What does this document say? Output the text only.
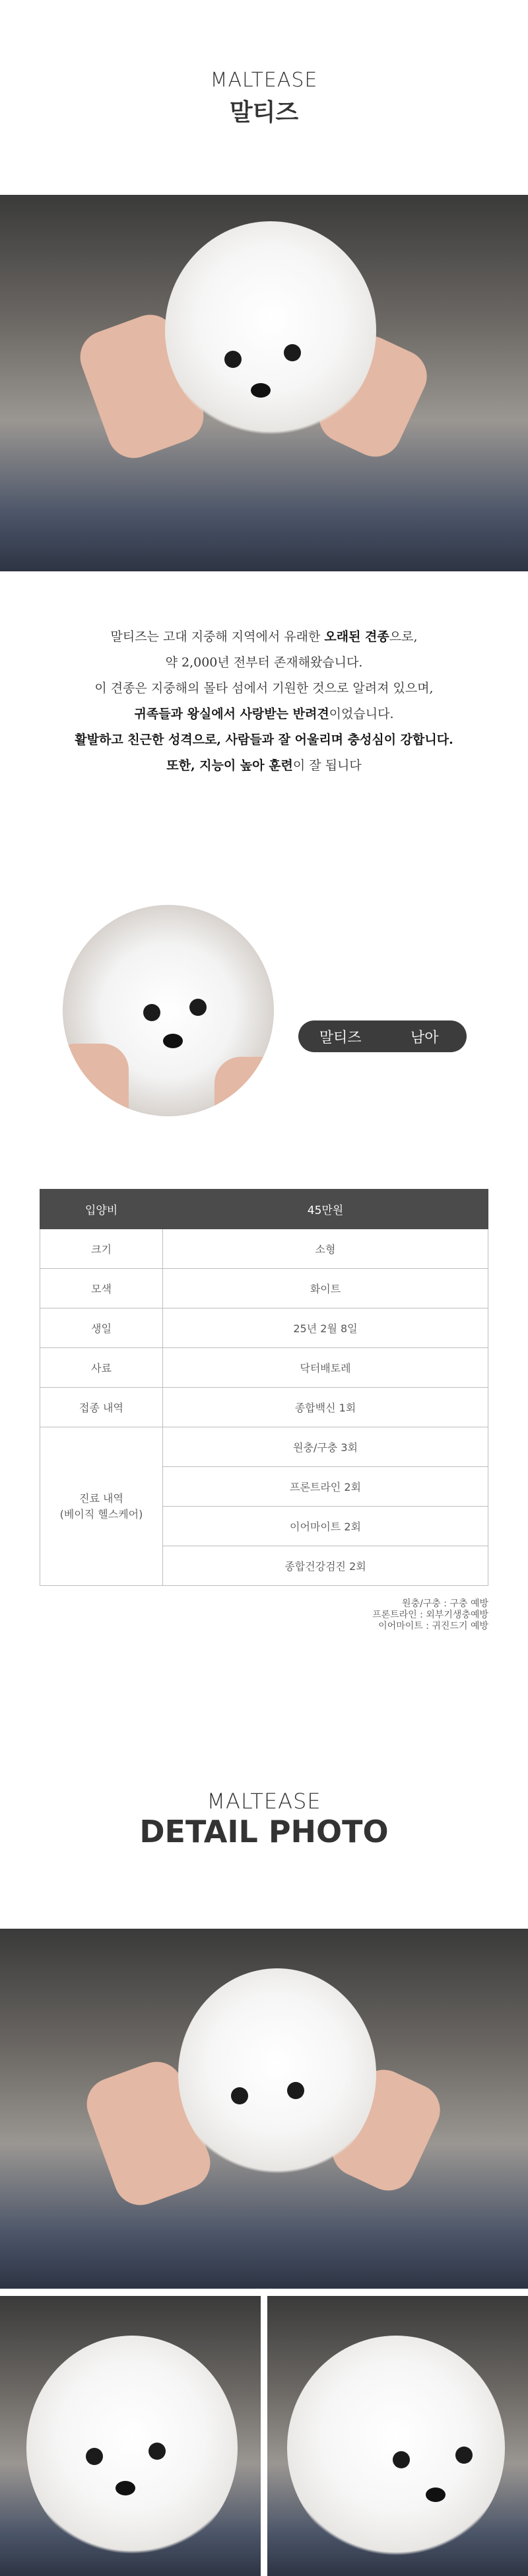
MALTEASE
말티즈
말티즈는 고대 지중해 지역에서 유래한 오래된 견종으로,
약 2,000년 전부터 존재해왔습니다.
이 견종은 지중해의 몰타 섬에서 기원한 것으로 알려져 있으며,
귀족들과 왕실에서 사랑받는 반려견이었습니다.
활발하고 친근한 성격으로, 사람들과 잘 어울리며 충성심이 강합니다.
또한, 지능이 높아 훈련이 잘 됩니다
말티즈	남아
입양비	45만원
크기	소형
모색	화이트
생일	25년 2월 8일
사료	닥터배토레
접종 내역	종합백신 1회

진료 내역
(베이직 헬스케어)	원충/구충 3회
	프론트라인 2회
	이어마이트 2회
	종합건강검진 2회
원충/구충 : 구충 예방
프론트라인 : 외부기생충예방
이어마이트 : 귀진드기 예방
MALTEASE
DETAIL PHOTO
